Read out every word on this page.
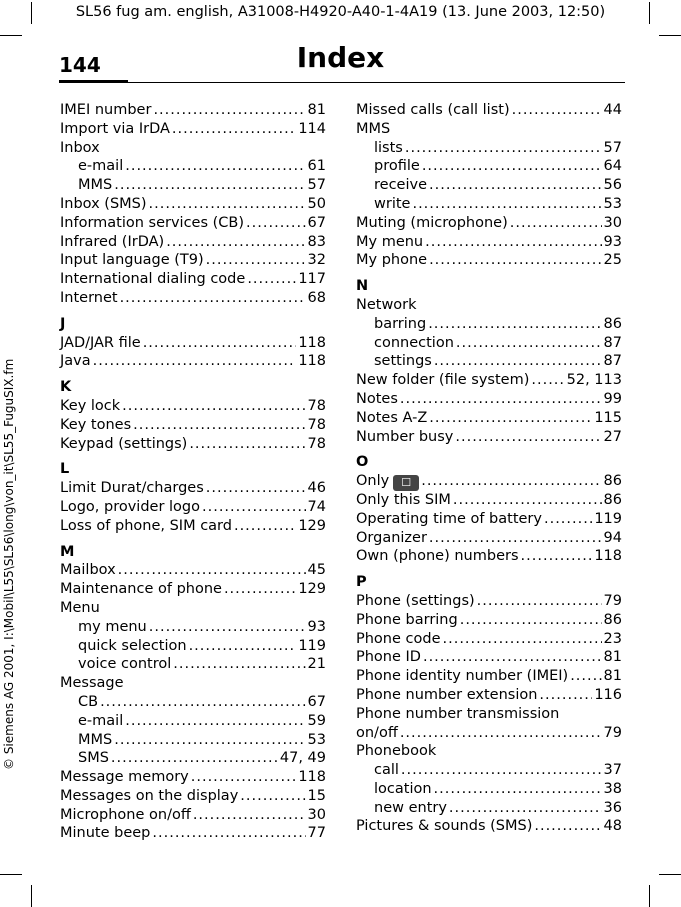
SL56 fug am. english, A31008-H4920-A40-1-4A19 (13. June 2003, 12:50)
© Siemens AG 2001, I:\Mobil\L55\SL56\long\von_it\SL55_FuguSIX.fm
144	Index
IMEI number .....	81
Import via IrDA .....	114
Inbox
e-mail .....	61
MMS .....	57
Inbox (SMS) .....	50
Information services (CB) .....	67
Infrared (IrDA) .....	83
Input language (T9) .....	32
International dialing code .....	117
Internet .....	68
J
JAD/JAR file .....	118
Java .....	118
K
Key lock .....	78
Key tones .....	78
Keypad (settings) .....	78
L
Limit Durat/charges .....	46
Logo, provider logo .....	74
Loss of phone, SIM card .....	129
M
Mailbox .....	45
Maintenance of phone .....	129
Menu
my menu .....	93
quick selection .....	119
voice control .....	21
Message
CB .....	67
e-mail .....	59
MMS .....	53
SMS .....	47, 49
Message memory .....	118
Messages on the display .....	15
Microphone on/off .....	30
Minute beep .....	77
Missed calls (call list) .....	44
MMS
lists .....	57
profile .....	64
receive .....	56
write .....	53
Muting (microphone) .....	30
My menu .....	93
My phone .....	25
N
Network
barring .....	86
connection .....	87
settings .....	87
New folder (file system) .....	52, 113
Notes .....	99
Notes A-Z .....	115
Number busy .....	27
O
Only	☐ .....	86
Only this SIM .....	86
Operating time of battery .....	119
Organizer .....	94
Own (phone) numbers .....	118
P
Phone (settings) .....	79
Phone barring .....	86
Phone code .....	23
Phone ID .....	81
Phone identity number (IMEI) ..... 81
Phone number extension .....	116
Phone number transmission
on/off .....	79
Phonebook
call .....	37
location .....	38
new entry .....	36
Pictures & sounds (SMS) .....	48
